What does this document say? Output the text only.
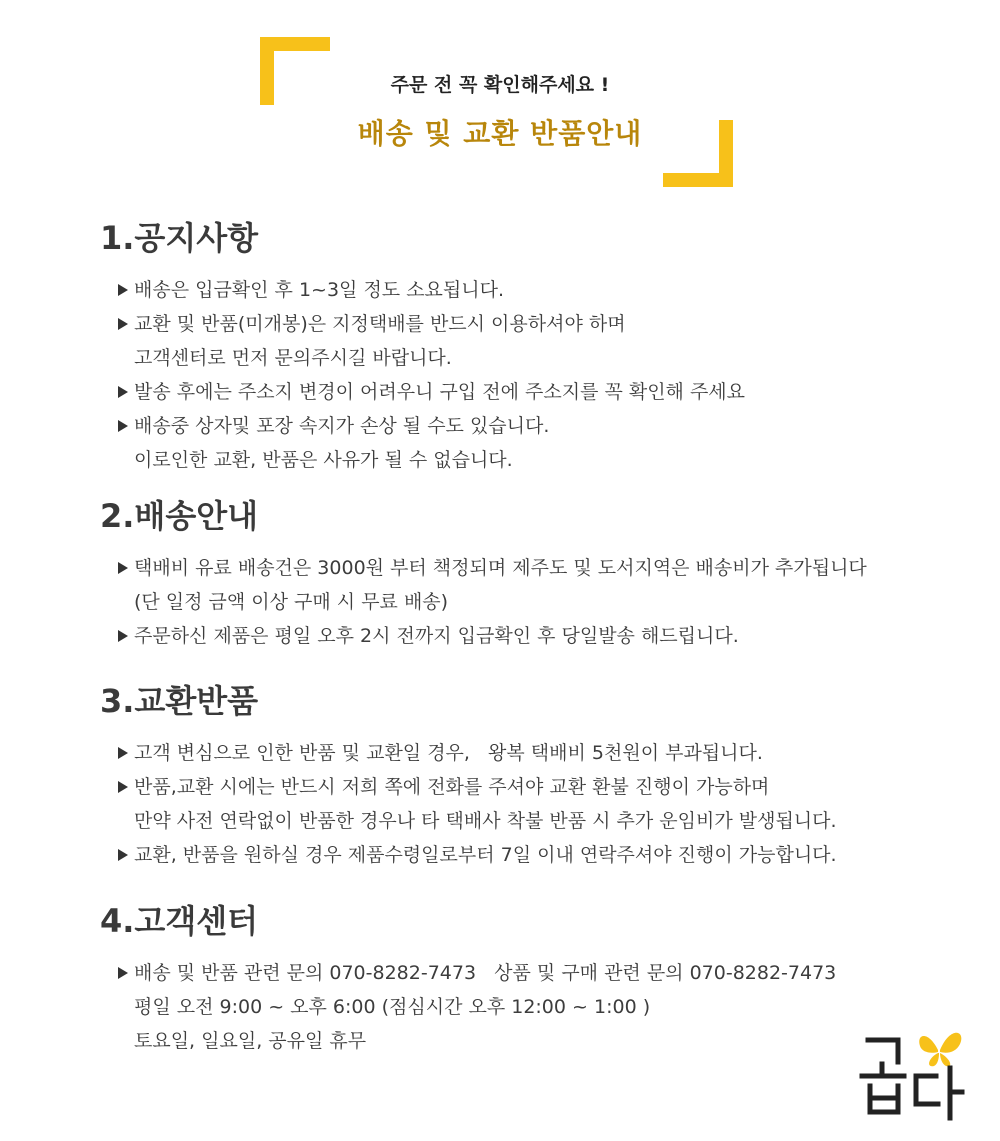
주문 전 꼭 확인해주세요 !
배송 및 교환 반품안내
1.공지사항
배송은 입금확인 후 1~3일 정도 소요됩니다.
교환 및 반품(미개봉)은 지정택배를 반드시 이용하셔야 하며
고객센터로 먼저 문의주시길 바랍니다.
발송 후에는 주소지 변경이 어려우니 구입 전에 주소지를 꼭 확인해 주세요
배송중 상자및 포장 속지가 손상 될 수도 있습니다.
이로인한 교환, 반품은 사유가 될 수 없습니다.
2.배송안내
택배비 유료 배송건은 3000원 부터 책정되며 제주도 및 도서지역은 배송비가 추가됩니다
(단 일정 금액 이상 구매 시 무료 배송)
주문하신 제품은 평일 오후 2시 전까지 입금확인 후 당일발송 해드립니다.
3.교환반품
고객 변심으로 인한 반품 및 교환일 경우,   왕복 택배비 5천원이 부과됩니다.
반품,교환 시에는 반드시 저희 쪽에 전화를 주셔야 교환 환불 진행이 가능하며
만약 사전 연락없이 반품한 경우나 타 택배사 착불 반품 시 추가 운임비가 발생됩니다.
교환, 반품을 원하실 경우 제품수령일로부터 7일 이내 연락주셔야 진행이 가능합니다.
4.고객센터
배송 및 반품 관련 문의 070-8282-7473   상품 및 구매 관련 문의 070-8282-7473
평일 오전 9:00 ~ 오후 6:00 (점심시간 오후 12:00 ~ 1:00 )
토요일, 일요일, 공유일 휴무
